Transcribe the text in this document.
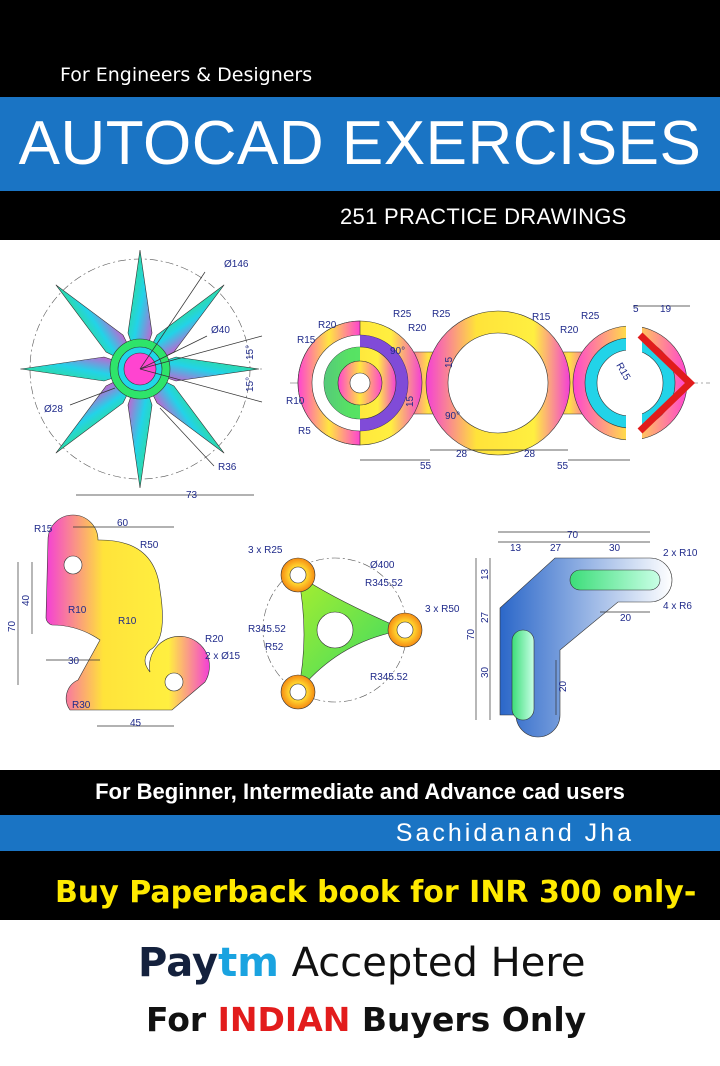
For Engineers & Designers
AUTOCAD EXERCISES
251 PRACTICE DRAWINGS
Ø146
Ø40
Ø28
15°
15°
R36
73
R20
R25
R15
R20
R25	R15
R20
R25
R15
R10
R5
90°
90°
15
15
5 19
55
28	28
55
R15
60
R50
40
R10
R10
70
30
R20
2 x Ø15
R30
45
3 x R25
Ø400
R345.52
3 x R50
R345.52
R52
R345.52
70
13	27	30	2 x R10
4 x R6
20
13
27
70
30
20
For Beginner, Intermediate and Advance cad users
Sachidanand Jha
Buy Paperback book for INR 300 only-
Paytm Accepted Here
For INDIAN Buyers Only
